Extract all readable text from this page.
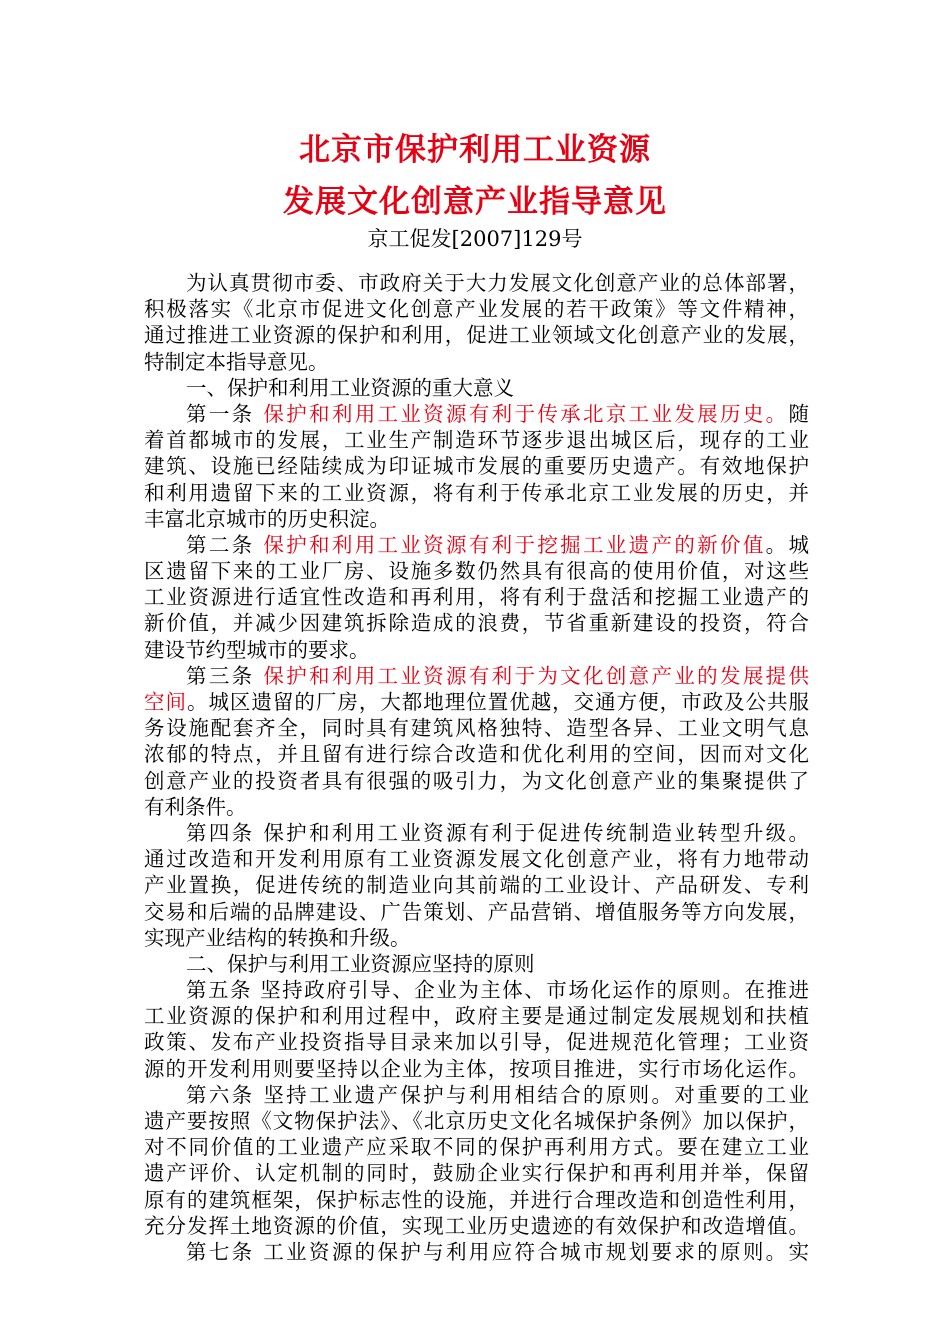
北京市保护利用工业资源
发展文化创意产业指导意见
京工促发[2007]129号
为认真贯彻市委、市政府关于大力发展文化创意产业的总体部署，
积极落实《北京市促进文化创意产业发展的若干政策》等文件精神，
通过推进工业资源的保护和利用，促进工业领域文化创意产业的发展，
特制定本指导意见。
一、保护和利用工业资源的重大意义
第一条 保护和利用工业资源有利于传承北京工业发展历史。随
着首都城市的发展，工业生产制造环节逐步退出城区后，现存的工业
建筑、设施已经陆续成为印证城市发展的重要历史遗产。有效地保护
和利用遗留下来的工业资源，将有利于传承北京工业发展的历史，并
丰富北京城市的历史积淀。
第二条 保护和利用工业资源有利于挖掘工业遗产的新价值。城
区遗留下来的工业厂房、设施多数仍然具有很高的使用价值，对这些
工业资源进行适宜性改造和再利用，将有利于盘活和挖掘工业遗产的
新价值，并减少因建筑拆除造成的浪费，节省重新建设的投资，符合
建设节约型城市的要求。
第三条 保护和利用工业资源有利于为文化创意产业的发展提供
空间。城区遗留的厂房，大都地理位置优越，交通方便，市政及公共服
务设施配套齐全，同时具有建筑风格独特、造型各异、工业文明气息
浓郁的特点，并且留有进行综合改造和优化利用的空间，因而对文化
创意产业的投资者具有很强的吸引力，为文化创意产业的集聚提供了
有利条件。
第四条 保护和利用工业资源有利于促进传统制造业转型升级。
通过改造和开发利用原有工业资源发展文化创意产业，将有力地带动
产业置换，促进传统的制造业向其前端的工业设计、产品研发、专利
交易和后端的品牌建设、广告策划、产品营销、增值服务等方向发展，
实现产业结构的转换和升级。
二、保护与利用工业资源应坚持的原则
第五条 坚持政府引导、企业为主体、市场化运作的原则。在推进
工业资源的保护和利用过程中，政府主要是通过制定发展规划和扶植
政策、发布产业投资指导目录来加以引导，促进规范化管理；工业资
源的开发利用则要坚持以企业为主体，按项目推进，实行市场化运作。
第六条 坚持工业遗产保护与利用相结合的原则。对重要的工业
遗产要按照《文物保护法》、《北京历史文化名城保护条例》加以保护，
对不同价值的工业遗产应采取不同的保护再利用方式。要在建立工业
遗产评价、认定机制的同时，鼓励企业实行保护和再利用并举，保留
原有的建筑框架，保护标志性的设施，并进行合理改造和创造性利用，
充分发挥土地资源的价值，实现工业历史遗迹的有效保护和改造增值。
第七条 工业资源的保护与利用应符合城市规划要求的原则。实
